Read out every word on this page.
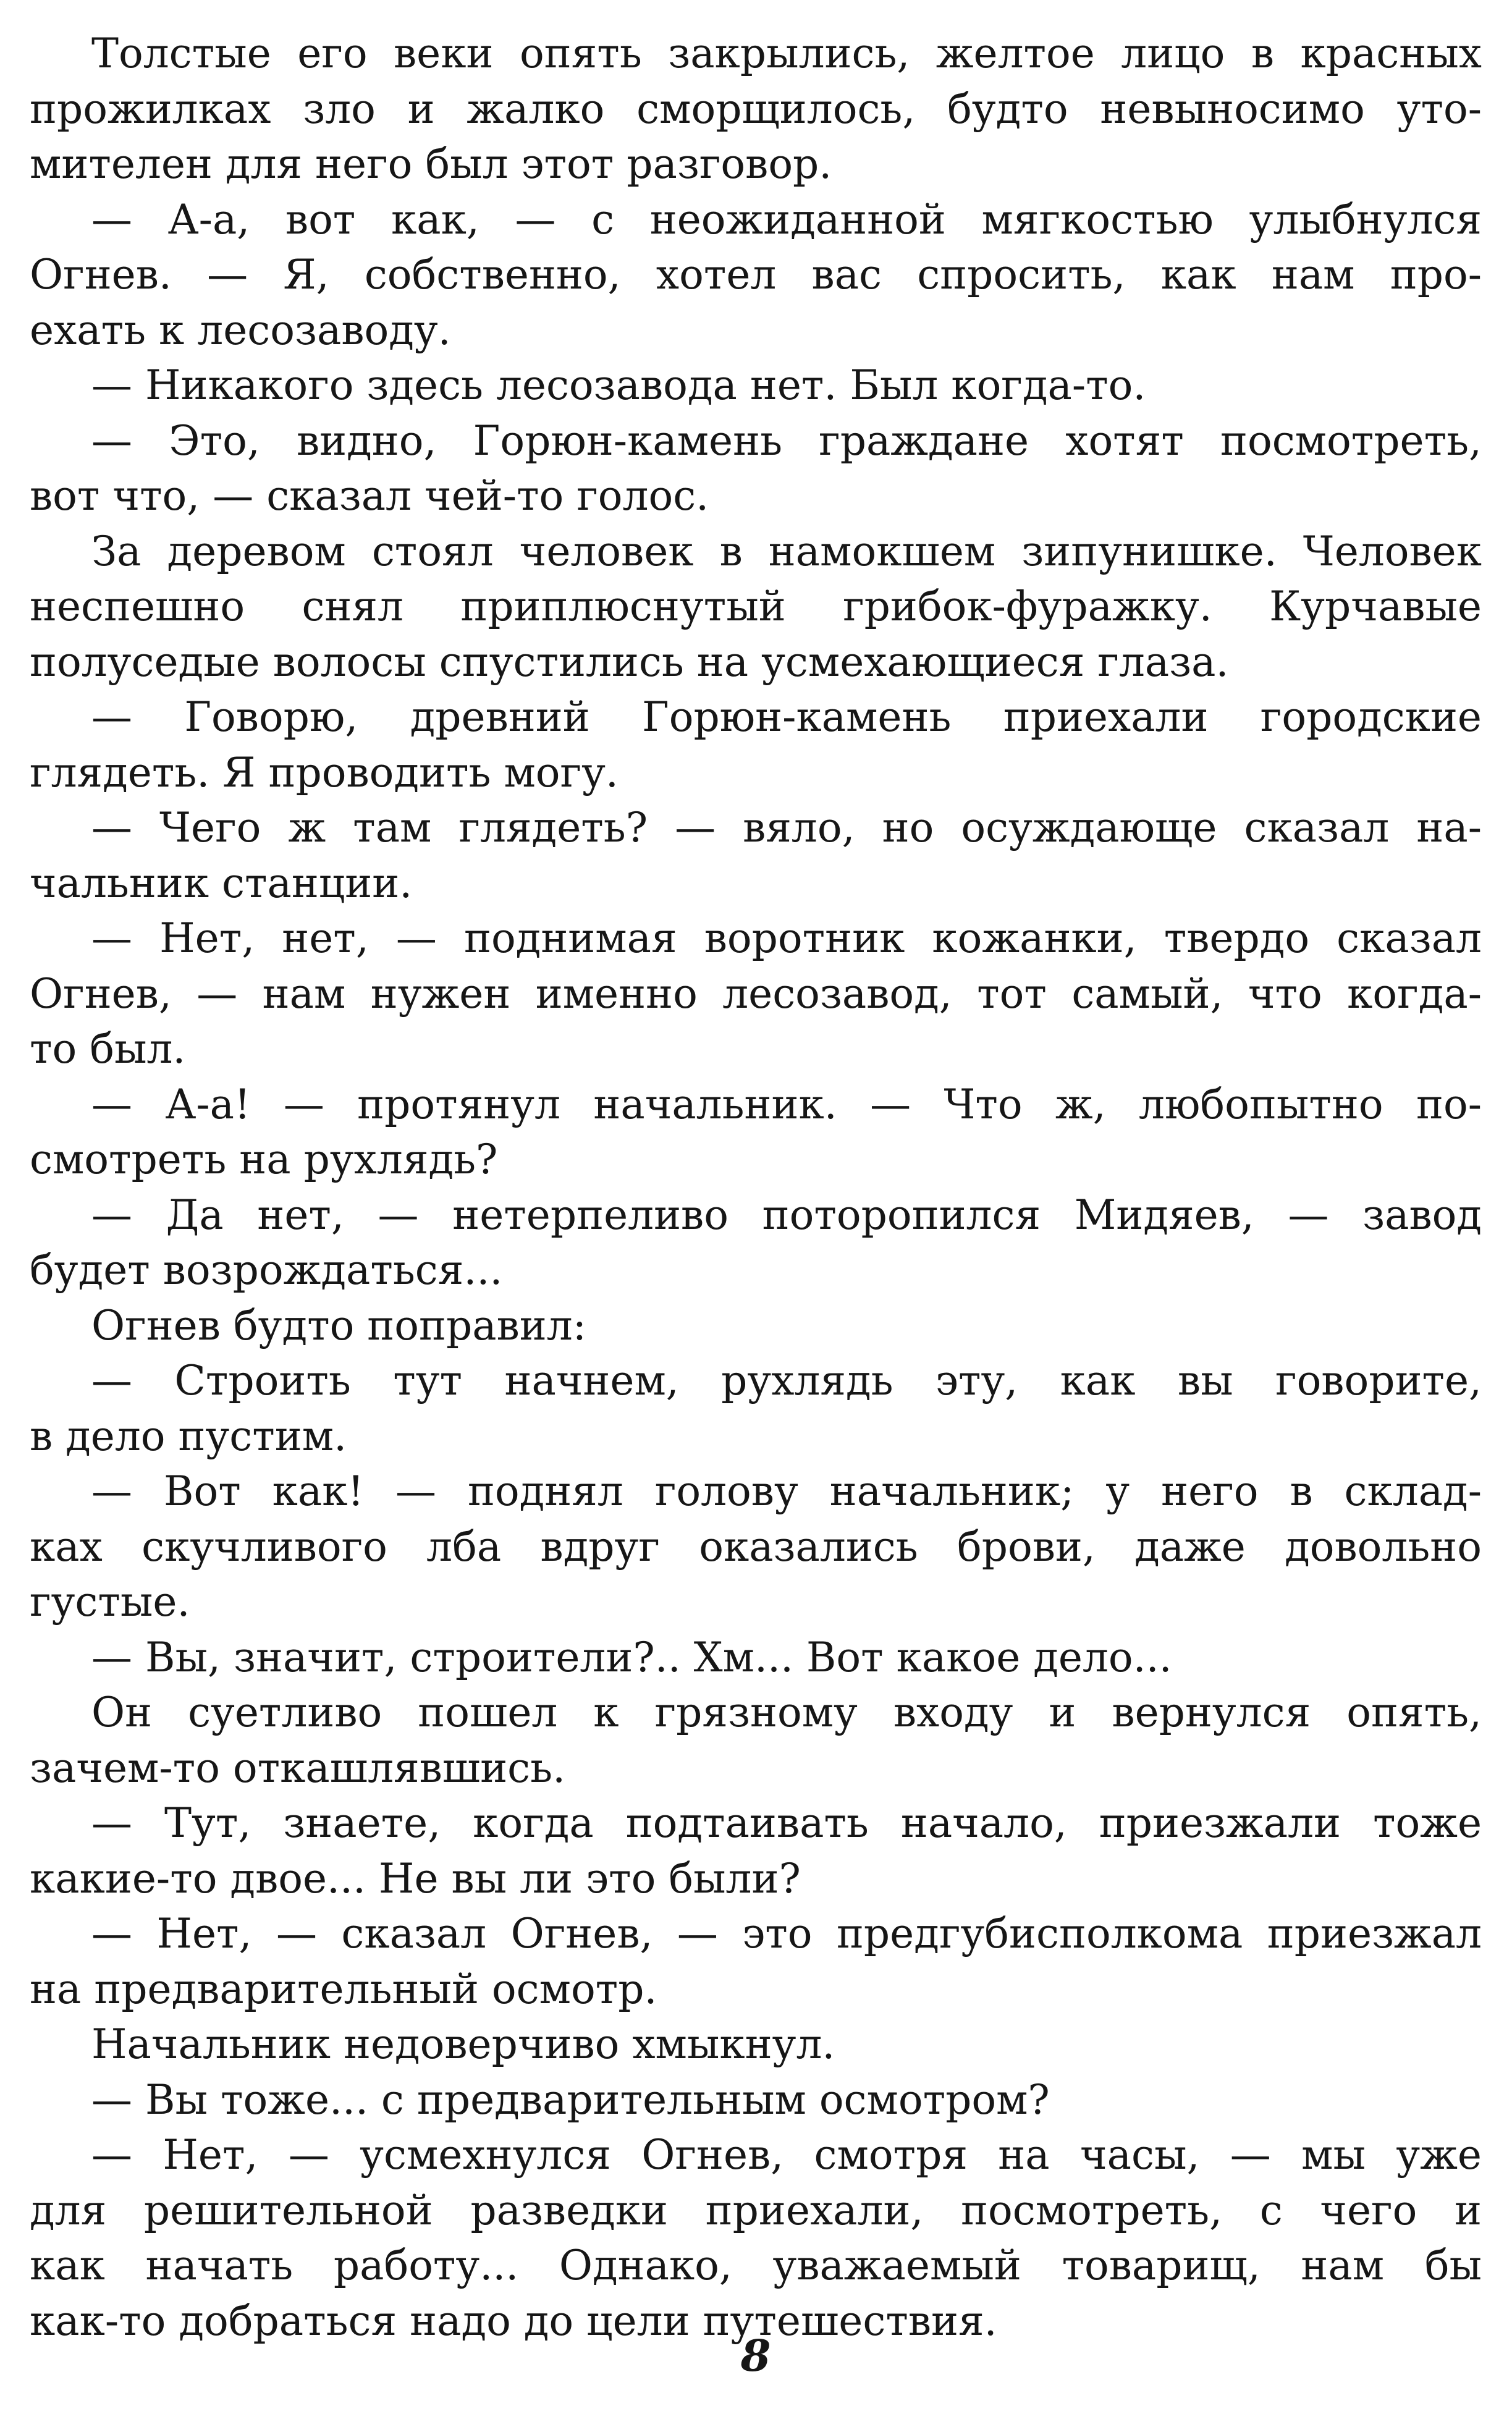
Толстые его веки опять закрылись, желтое лицо в красных
прожилках зло и жалко сморщилось, будто невыносимо уто-
мителен для него был этот разговор.
— А-а, вот как, — с неожиданной мягкостью улыбнулся
Огнев. — Я, собственно, хотел вас спросить, как нам про-
ехать к лесозаводу.
— Никакого здесь лесозавода нет. Был когда-то.
— Это, видно, Горюн-камень граждане хотят посмотреть,
вот что, — сказал чей-то голос.
За деревом стоял человек в намокшем зипунишке. Человек
неспешно снял приплюснутый грибок-фуражку. Курчавые
полуседые волосы спустились на усмехающиеся глаза.
— Говорю, древний Горюн-камень приехали городские
глядеть. Я проводить могу.
— Чего ж там глядеть? — вяло, но осуждающе сказал на-
чальник станции.
— Нет, нет, — поднимая воротник кожанки, твердо сказал
Огнев, — нам нужен именно лесозавод, тот самый, что когда-
то был.
— А-а! — протянул начальник. — Что ж, любопытно по-
смотреть на рухлядь?
— Да нет, — нетерпеливо поторопился Мидяев, — завод
будет возрождаться...
Огнев будто поправил:
— Строить тут начнем, рухлядь эту, как вы говорите,
в дело пустим.
— Вот как! — поднял голову начальник; у него в склад-
ках скучливого лба вдруг оказались брови, даже довольно
густые.
— Вы, значит, строители?.. Хм... Вот какое дело...
Он суетливо пошел к грязному входу и вернулся опять,
зачем-то откашлявшись.
— Тут, знаете, когда подтаивать начало, приезжали тоже
какие-то двое... Не вы ли это были?
— Нет, — сказал Огнев, — это предгубисполкома приезжал
на предварительный осмотр.
Начальник недоверчиво хмыкнул.
— Вы тоже... с предварительным осмотром?
— Нет, — усмехнулся Огнев, смотря на часы, — мы уже
для решительной разведки приехали, посмотреть, с чего и
как начать работу... Однако, уважаемый товарищ, нам бы
как-то добраться надо до цели путешествия.
8
